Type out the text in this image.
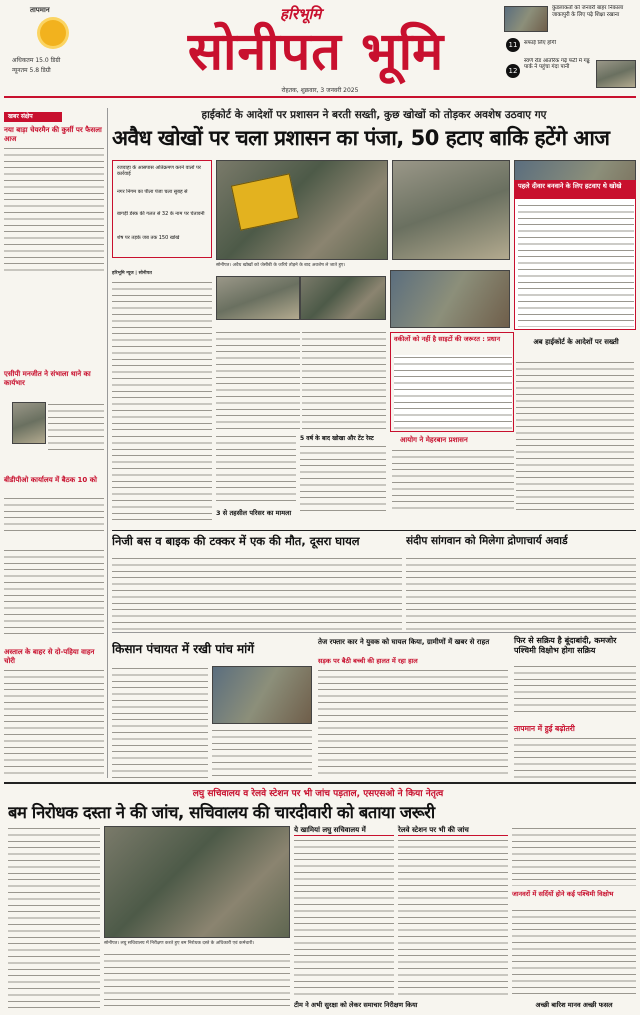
तापमान
अधिकतम 15.0 डिग्री
न्यूनतम 5.8 डिग्री
हरिभूमि
सोनीपत भूमि
रोहतक, शुक्रवार, 3 जनवरी 2025
कुंडलाकर्तों को जनवरी बाहर निकाला जाकापुरी के लिए पढ़े शिक्षा रखाना
11	सफाई लिए होगी
12
स्वर्ण रोड आंतरिक गढ़े फटी में गढ्ढ पार्क ने पहुंचा गंदा पानी
खबर संक्षेप
नया बाड़ा चेयरमैन की कुर्सी पर फैसला आज
एसीपी मनजीत ने संभाला थाने का कार्यभार
बीडीपीओ कार्यालय में बैठक 10 को
अस्ताल के बाहर से दो-पहिया वाहन चोरी
हाईकोर्ट के आदेशों पर प्रशासन ने बरती सख्ती, कुछ खोखों को तोड़कर अवशेष उठवाए गए
अवैध खोखों पर चला प्रशासन का पंजा, 50 हटाए बाकि हटेंगे आज
रजवाहा के आसपास अतिक्रमण करने वालों पर कार्रवाई
नगर निगम का पीला पंजा चला सुबह से
बागड़ी डेस्क की गलत से 32 के नाम पर चेतावनी
शेष पर तड़के जब तक 150 खोखे
सोनीपत। अवैध खोखों को जेसीबी के जरिये तोड़ने के बाद अवशेष ले जाते हुए।
हरिभूमि न्यूज | सोनीपत
5 वर्ष के बाद खोखा और टेंट रेस्ट
3 से तहसील परिसर का मामला
वकीलों को नहीं है साइटों की जरूरत : प्रधान
आयोग ने मेहरबान प्रशासन
पहले दीवार बनवाने के लिए हटवाए थे खोखे
अब हाईकोर्ट के आदेशों पर सख्ती
निजी बस व बाइक की टक्कर में एक की मौत, दूसरा घायल	संदीप सांगवान को मिलेगा द्रोणाचार्य अवार्ड
किसान पंचायत में रखी पांच मांगें	तेज रफ्तार कार ने युवक को घायल किया, ग्रामीणों में खबर से राहत
सड़क पर बैठी बच्ची की हालत में रहा हाल
फिर से सक्रिय है बूंदाबांदी, कमजोर पश्चिमी विक्षोभ होगा सक्रिय
तापमान में हुई बढ़ोतरी
लघु सचिवालय व रेलवे स्टेशन पर भी जांच पड़ताल, एसएसओ ने किया नेतृत्व
बम निरोधक दस्ता ने की जांच, सचिवालय की चारदीवारी को बताया जरूरी
सोनीपत। लघु सचिवालय में निरीक्षण करते हुए बम निरोधक दस्ते के अधिकारी एवं कर्मचारी।
ये खामियां लघु सचिवालय में	रेलवे स्टेशन पर भी की जांच
टीम ने अभी सुरक्षा को लेकर समाचार निरीक्षण किया
जानवरों में सर्दियों होने कई पश्चिमी विक्षोभ
अच्छी बारिश मानव अच्छी फसल
